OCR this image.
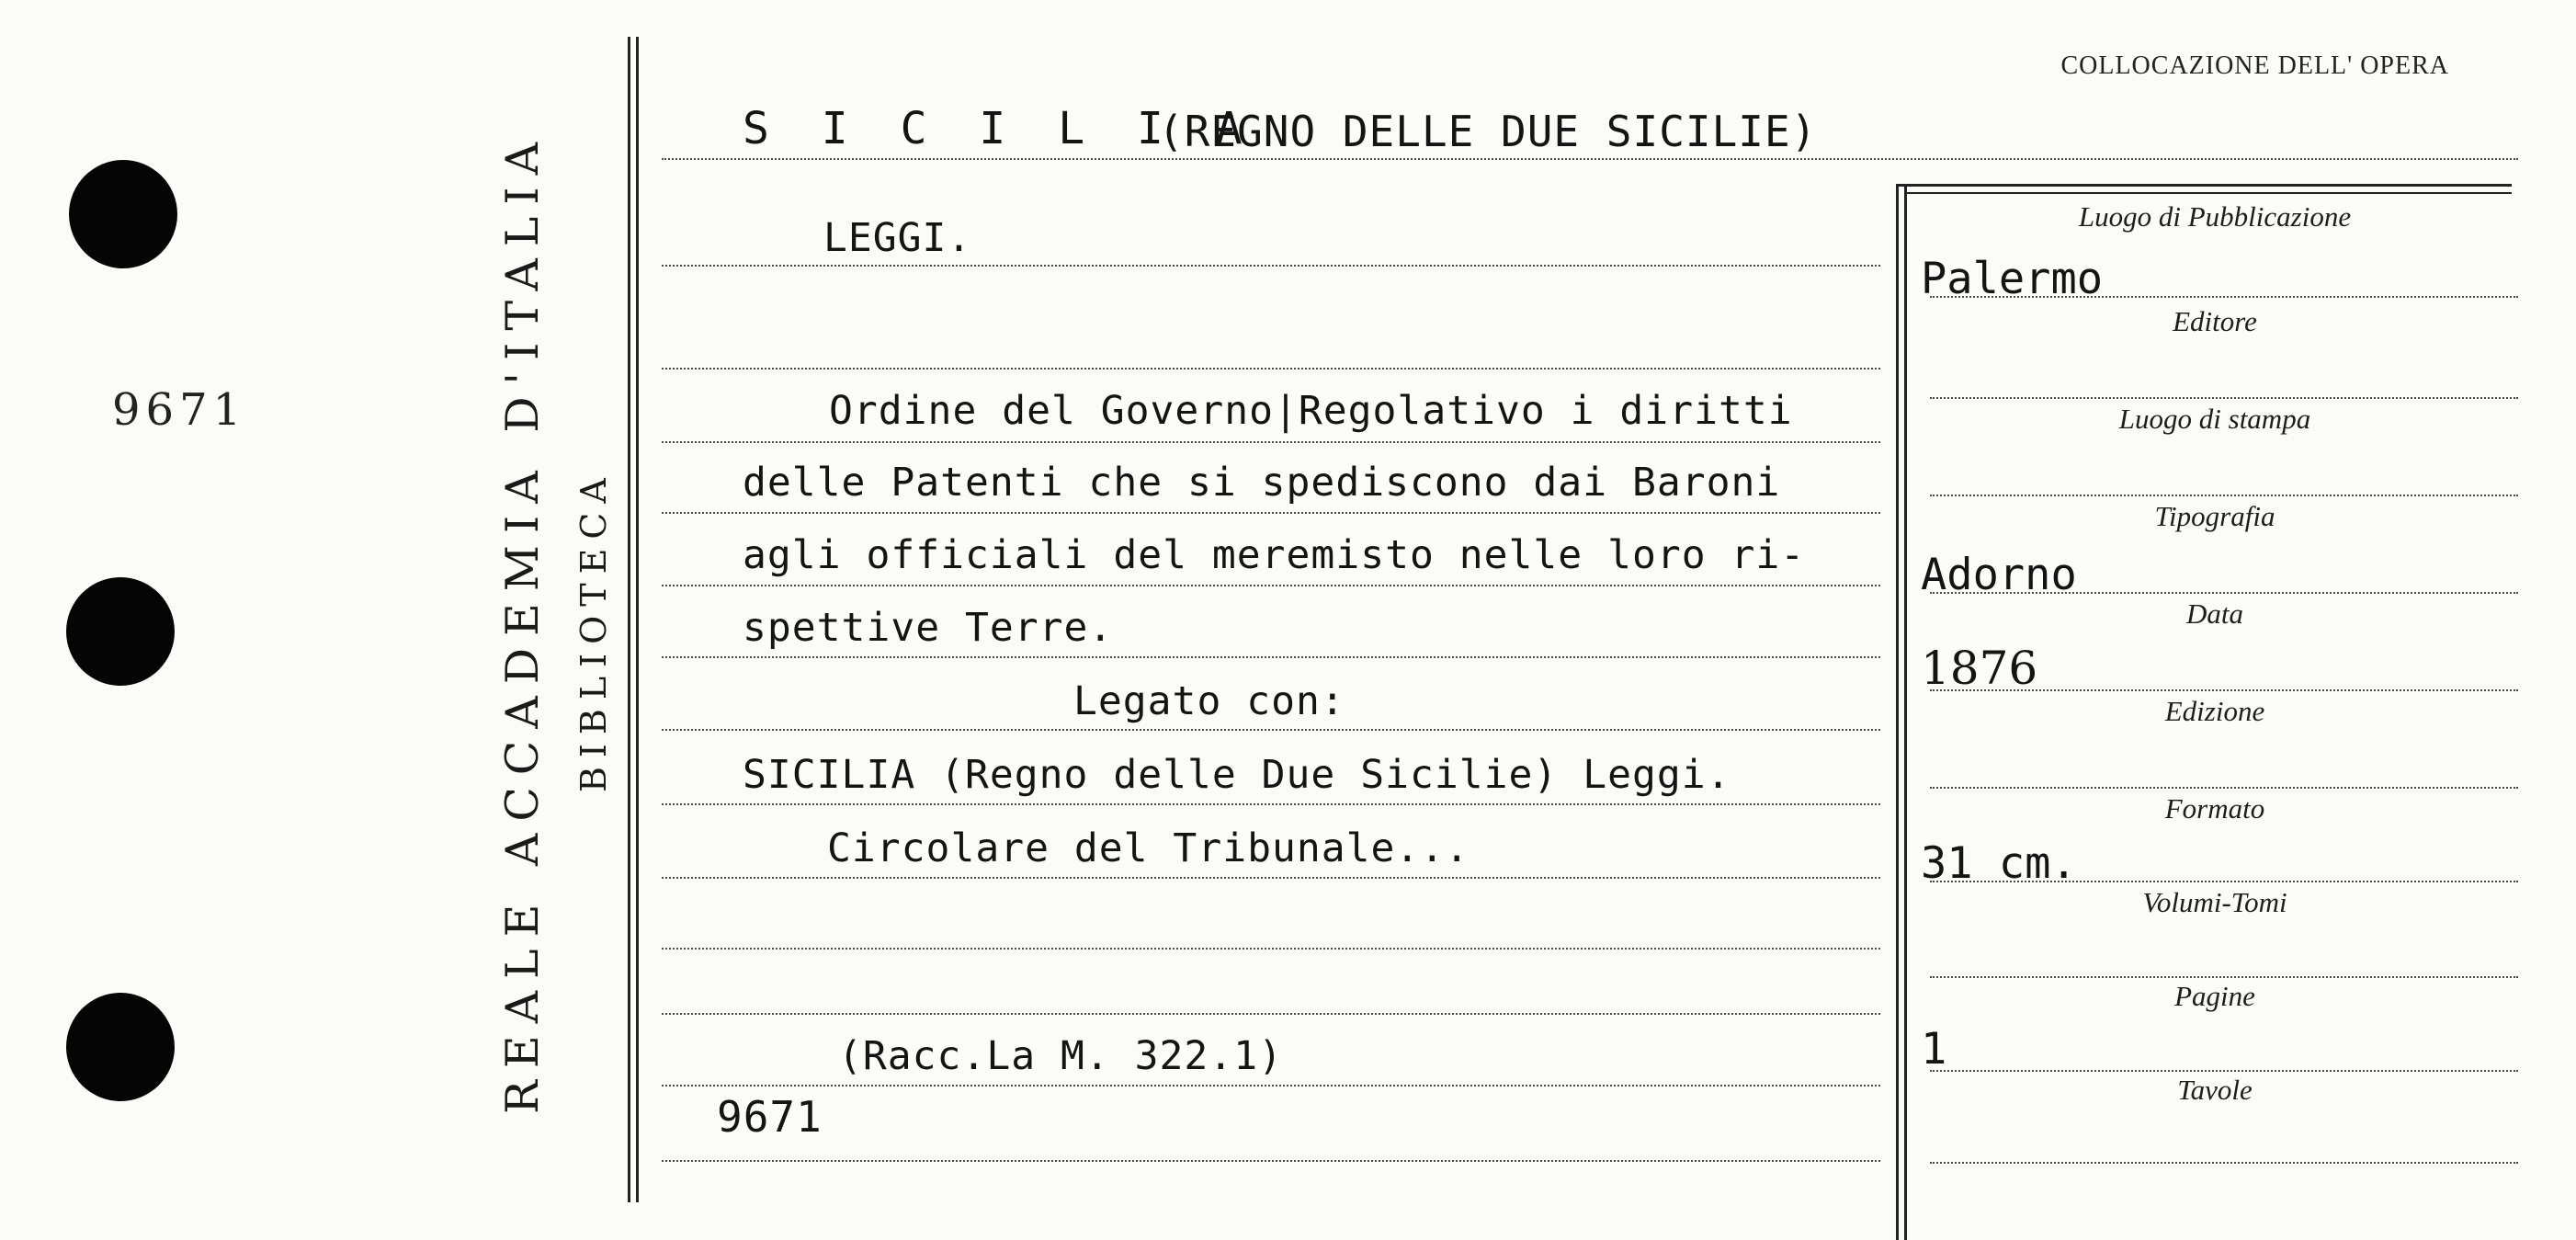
9671	REALE ACCADEMIA D'ITALIA BIBLIOTECA
COLLOCAZIONE DELL' OPERA
S I C I L I A
(REGNO DELLE DUE SICILIE)
LEGGI.
Ordine del Governo|Regolativo i diritti
delle Patenti che si spediscono dai Baroni
agli officiali del meremisto nelle loro ri-
spettive Terre.
Legato con:
SICILIA (Regno delle Due Sicilie) Leggi.
Circolare del Tribunale...
(Racc.La M. 322.1)
9671
Luogo di Pubblicazione
Palermo
Editore
Luogo di stampa
Tipografia
Adorno
Data
1876
Edizione
Formato
31 cm.
Volumi-Tomi
Pagine
1
Tavole
